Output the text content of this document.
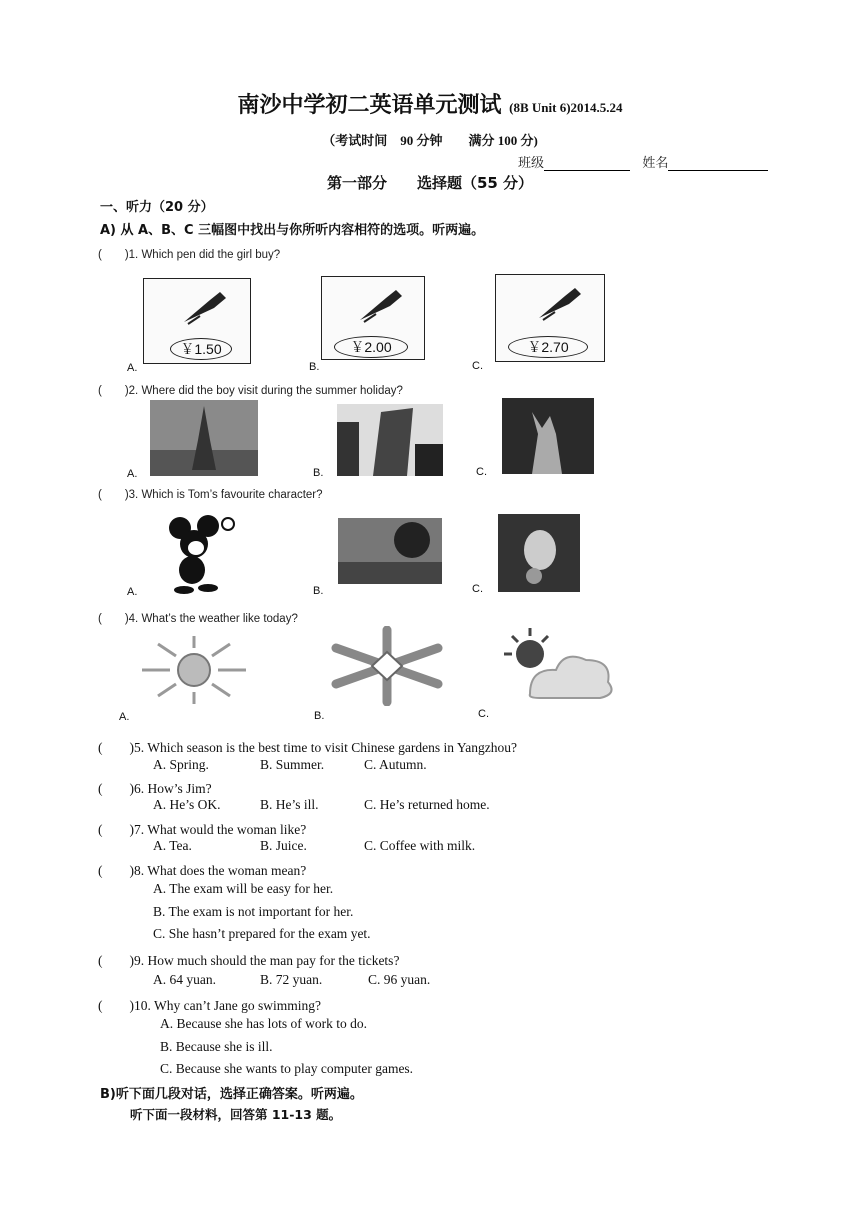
南沙中学初二英语单元测试 (8B Unit 6)2014.5.24
（考试时间　90 分钟　　满分 100 分)
班级	姓名
第一部分　　选择题（55 分）
一、听力（20 分）
A) 从 A、B、C 三幅图中找出与你所听内容相符的选项。听两遍。
(　　)1. Which pen did the girl buy?
￥1.50	￥2.00	￥2.70
A.	B.	C.
(　　)2. Where did the boy visit during the summer holiday?
A.	B.	C.
(　　)3. Which is Tom’s favourite character?
A.	B.	C.
(　　)4. What’s the weather like today?
A.	B.	C.
(　　)5. Which season is the best time to visit Chinese gardens in Yangzhou?
A. Spring.	B. Summer.	C. Autumn.
(　　)6. How’s Jim?
A. He’s OK.	B. He’s ill.	C. He’s returned home.
(　　)7. What would the woman like?
A. Tea.	B. Juice.	C. Coffee with milk.
(　　)8. What does the woman mean?
A. The exam will be easy for her.
B. The exam is not important for her.
C. She hasn’t prepared for the exam yet.
(　　)9. How much should the man pay for the tickets?
A. 64 yuan.	B. 72 yuan.	C. 96 yuan.
(　　)10. Why can’t Jane go swimming?
A. Because she has lots of work to do.
B. Because she is ill.
C. Because she wants to play computer games.
B)听下面几段对话，选择正确答案。听两遍。
听下面一段材料，回答第 11-13 题。
